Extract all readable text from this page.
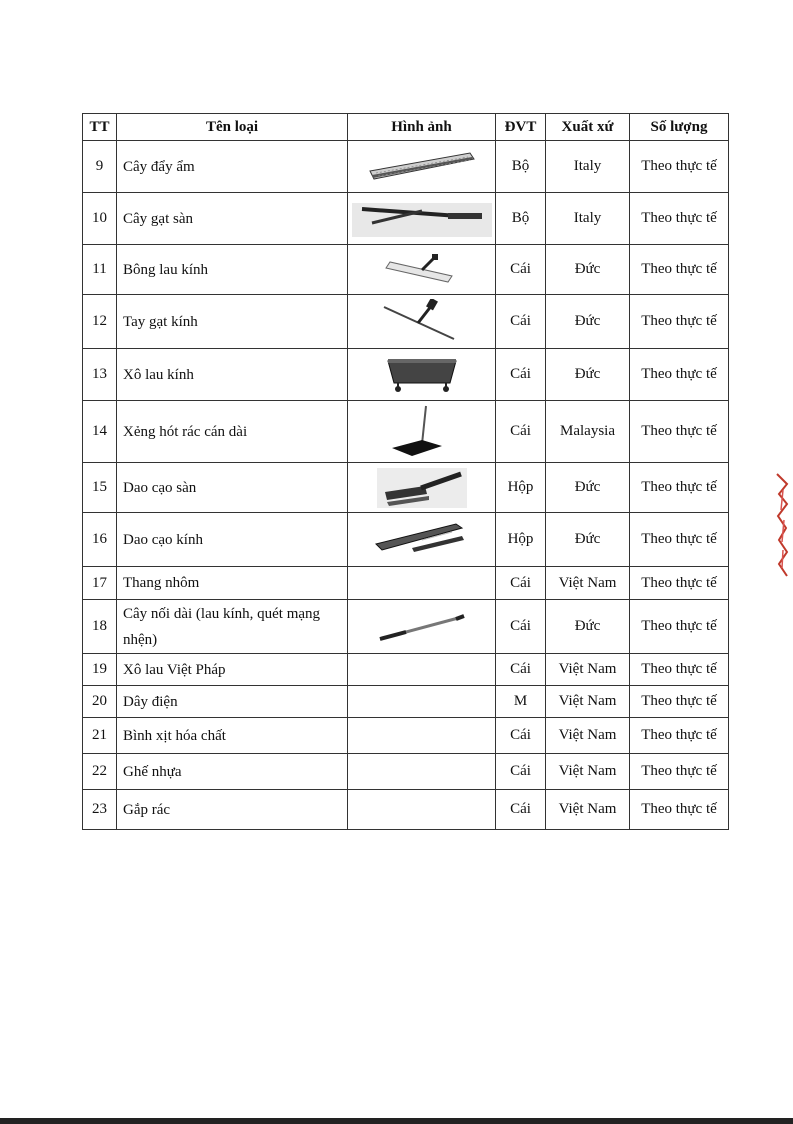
TT	Tên loại	Hình ảnh	ĐVT	Xuất xứ	Số lượng
9	Cây đẩy ẩm		Bộ	Italy	Theo thực tế
10	Cây gạt sàn		Bộ	Italy	Theo thực tế
11	Bông lau kính		Cái	Đức	Theo thực tế
12	Tay gạt kính		Cái	Đức	Theo thực tế
13	Xô lau kính		Cái	Đức	Theo thực tế
14	Xẻng hót rác cán dài		Cái	Malaysia	Theo thực tế
15	Dao cạo sàn		Hộp	Đức	Theo thực tế
16	Dao cạo kính		Hộp	Đức	Theo thực tế
17	Thang nhôm		Cái	Việt Nam	Theo thực tế
18	Cây nối dài (lau kính, quét mạng nhện)		Cái	Đức	Theo thực tế
19	Xô lau Việt Pháp		Cái	Việt Nam	Theo thực tế
20	Dây điện		M	Việt Nam	Theo thực tế
21	Bình xịt hóa chất		Cái	Việt Nam	Theo thực tế
22	Ghế nhựa		Cái	Việt Nam	Theo thực tế
23	Gắp rác		Cái	Việt Nam	Theo thực tế
